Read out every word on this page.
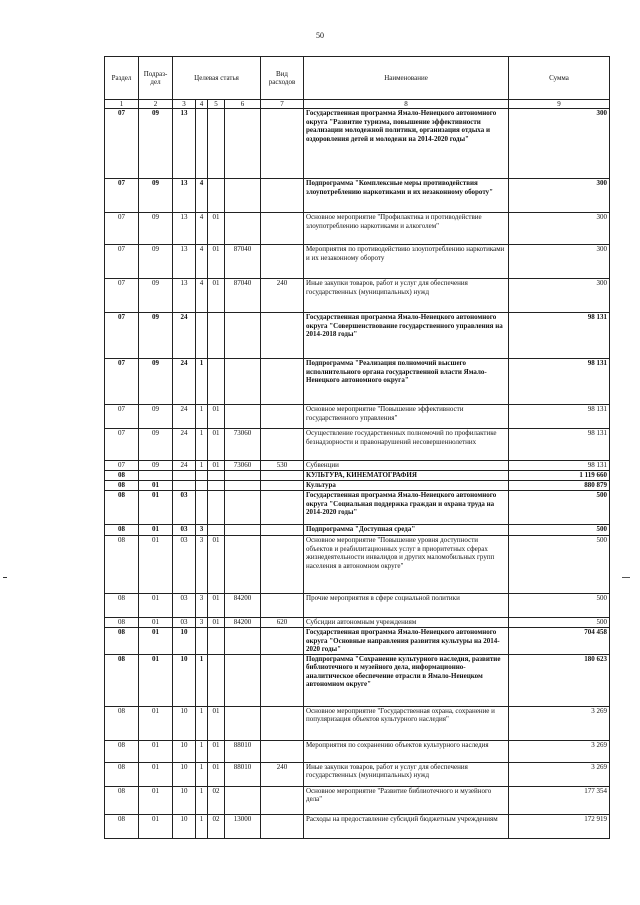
50
Раздел	Подраз-дел	Целевая статья				Вид расходов	Наименование	Сумма
1	2	3	4	5	6	7	8	9
07	09	13					Государственная программа Ямало-Ненецкого автономного округа "Развитие туризма, повышение эффективности реализации молодежной политики, организация отдыха и оздоровления детей и молодежи на 2014-2020 годы"	300
07	09	13	4				Подпрограмма "Комплексные меры противодействия злоупотреблению наркотиками и их незаконному обороту"	300
07	09	13	4	01			Основное мероприятие "Профилактика и противодействие злоупотреблению наркотиками и алкоголем"	300
07	09	13	4	01	87040		Мероприятия по противодействию злоупотреблению наркотиками и их незаконному обороту	300
07	09	13	4	01	87040	240	Иные закупки товаров, работ и услуг для обеспечения государственных (муниципальных) нужд	300
07	09	24					Государственная программа Ямало-Ненецкого автономного округа "Совершенствование государственного управления на 2014-2018 годы"	98 131
07	09	24	1				Подпрограмма "Реализация полномочий высшего исполнительного органа государственной власти Ямало-Ненецкого автономного округа"	98 131
07	09	24	1	01			Основное мероприятие "Повышение эффективности государственного управления"	98 131
07	09	24	1	01	73060		Осуществление государственных полномочий по профилактике безнадзорности и правонарушений несовершеннолетних	98 131
07	09	24	1	01	73060	530	Субвенции	98 131
08							КУЛЬТУРА, КИНЕМАТОГРАФИЯ	1 119 660
08	01						Культура	880 879
08	01	03					Государственная программа Ямало-Ненецкого автономного округа "Социальная поддержка граждан и охрана труда на 2014-2020 годы"	500
08	01	03	3				Подпрограмма "Доступная среда"	500
08	01	03	3	01			Основное мероприятие "Повышение уровня доступности объектов и реабилитационных услуг в приоритетных сферах жизнедеятельности инвалидов и других маломобильных групп населения в автономном округе"	500
08	01	03	3	01	84200		Прочие мероприятия в сфере социальной политики	500
08	01	03	3	01	84200	620	Субсидии автономным учреждениям	500
08	01	10					Государственная программа Ямало-Ненецкого автономного округа "Основные направления развития культуры на 2014-2020 годы"	704 458
08	01	10	1				Подпрограмма "Сохранение культурного наследия, развитие библиотечного и музейного дела, информационно-аналитическое обеспечение отрасли в Ямало-Ненецком автономном округе"	180 623
08	01	10	1	01			Основное мероприятие "Государственная охрана, сохранение и популяризация объектов культурного наследия"	3 269
08	01	10	1	01	88010		Мероприятия по сохранению объектов культурного наследия	3 269
08	01	10	1	01	88010	240	Иные закупки товаров, работ и услуг для обеспечения государственных (муниципальных) нужд	3 269
08	01	10	1	02			Основное мероприятие "Развитие библиотечного и музейного дела"	177 354
08	01	10	1	02	13000		Расходы на предоставление субсидий бюджетным учреждениям	172 919
